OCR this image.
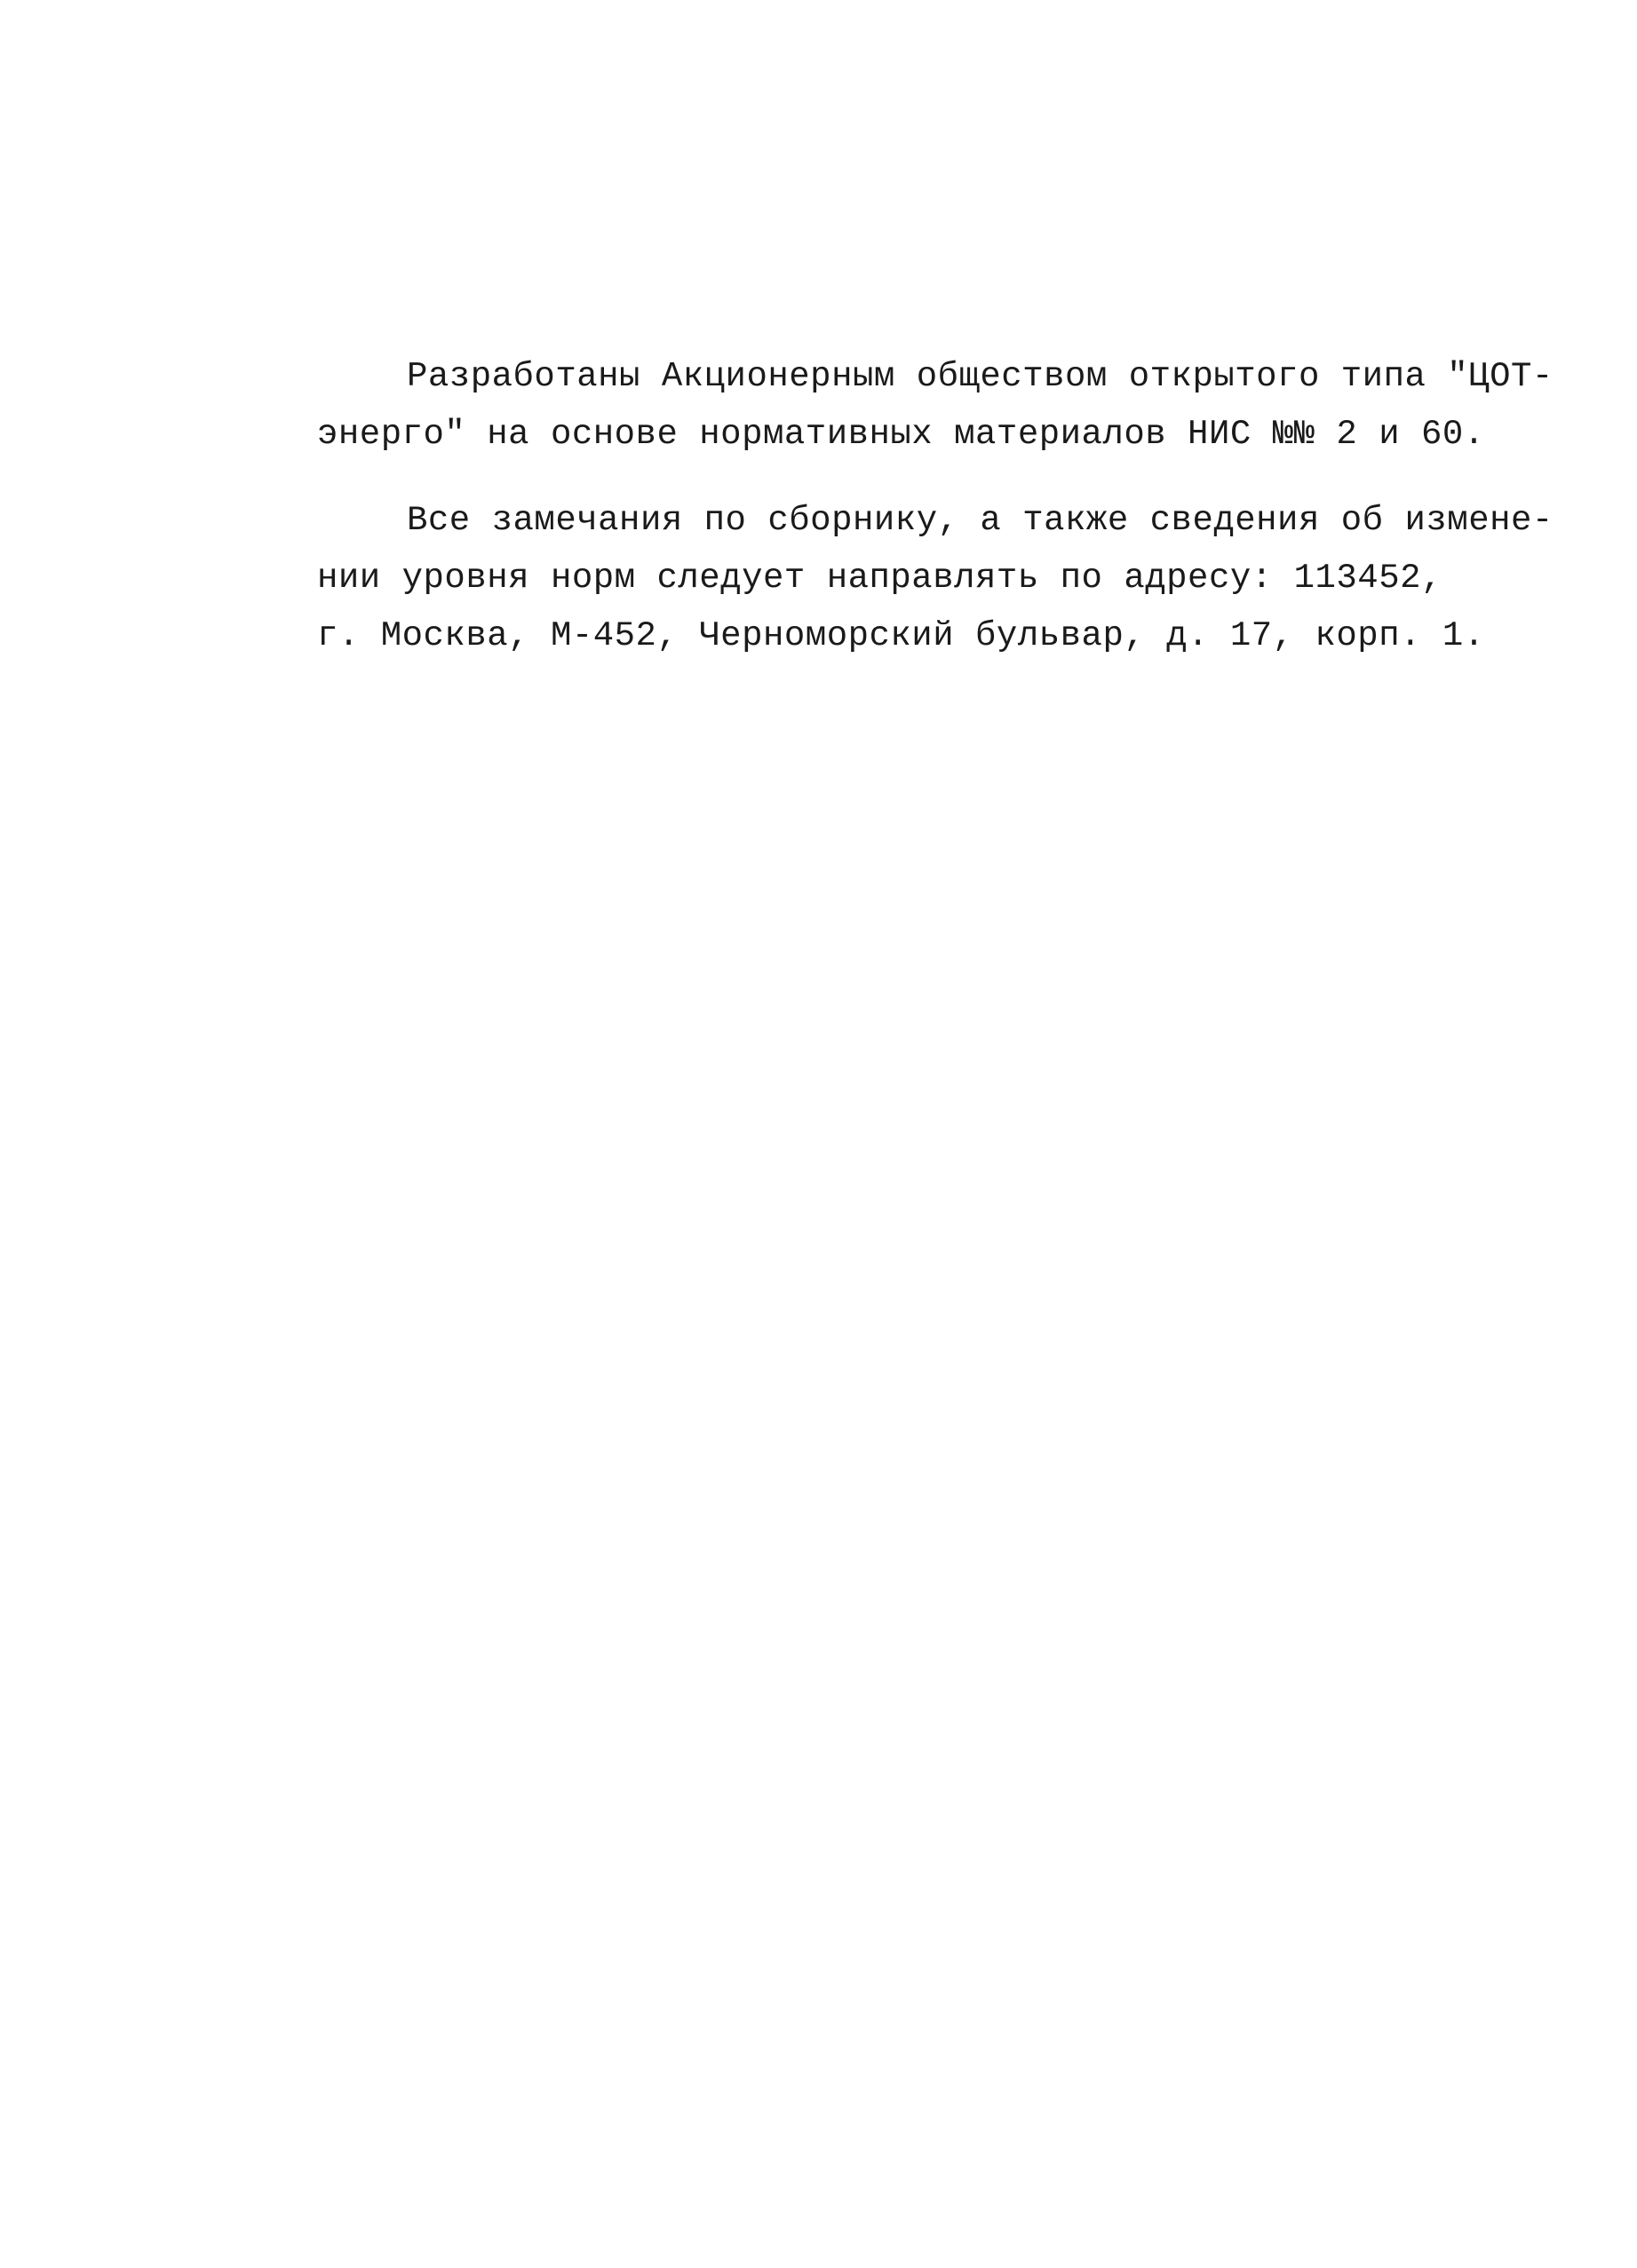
Разработаны Акционерным обществом открытого типа "ЦОТ-
энерго" на основе нормативных материалов НИС №№ 2 и 60.
Все замечания по сборнику, а также сведения об измене-
нии уровня норм следует направлять по адресу: 113452,
г. Москва, М-452, Черноморский бульвар, д. 17, корп. 1.
